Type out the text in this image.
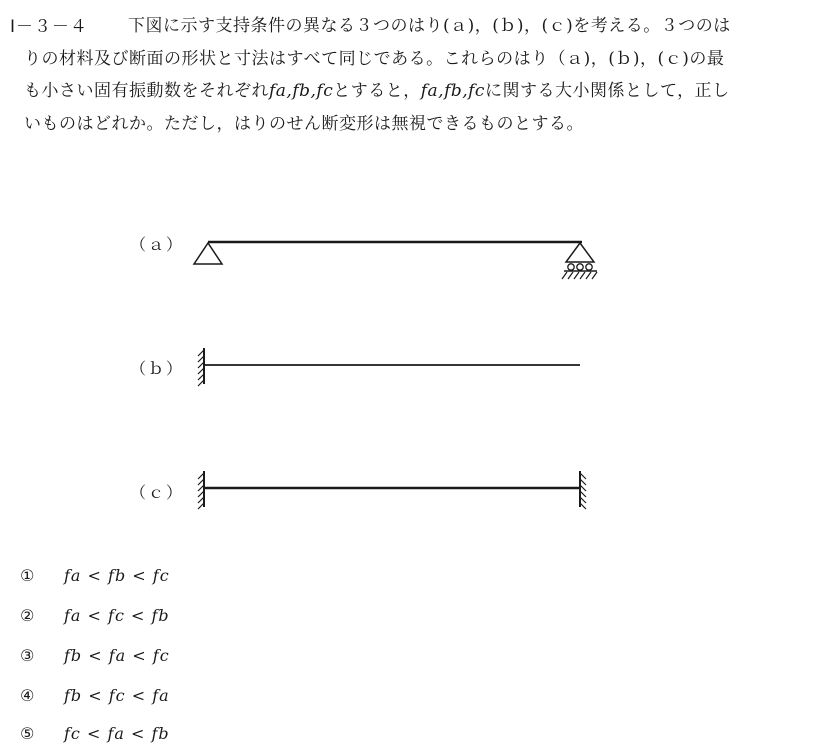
Ⅰ－３－４	下図に示す支持条件の異なる３つのはり(ａ)，(ｂ)，(ｃ)を考える。３つのは
りの材料及び断面の形状と寸法はすべて同じである。これらのはり（ａ)，(ｂ)，(ｃ)の最
も小さい固有振動数をそれぞれfa,fb,fcとすると，fa,fb,fcに関する大小関係として，正し
いものはどれか。ただし，はりのせん断変形は無視できるものとする。
（ａ）
（ｂ）
（ｃ）
①	fa < fb < fc
②	fa < fc < fb
③	fb < fa < fc
④	fb < fc < fa
⑤	fc < fa < fb
